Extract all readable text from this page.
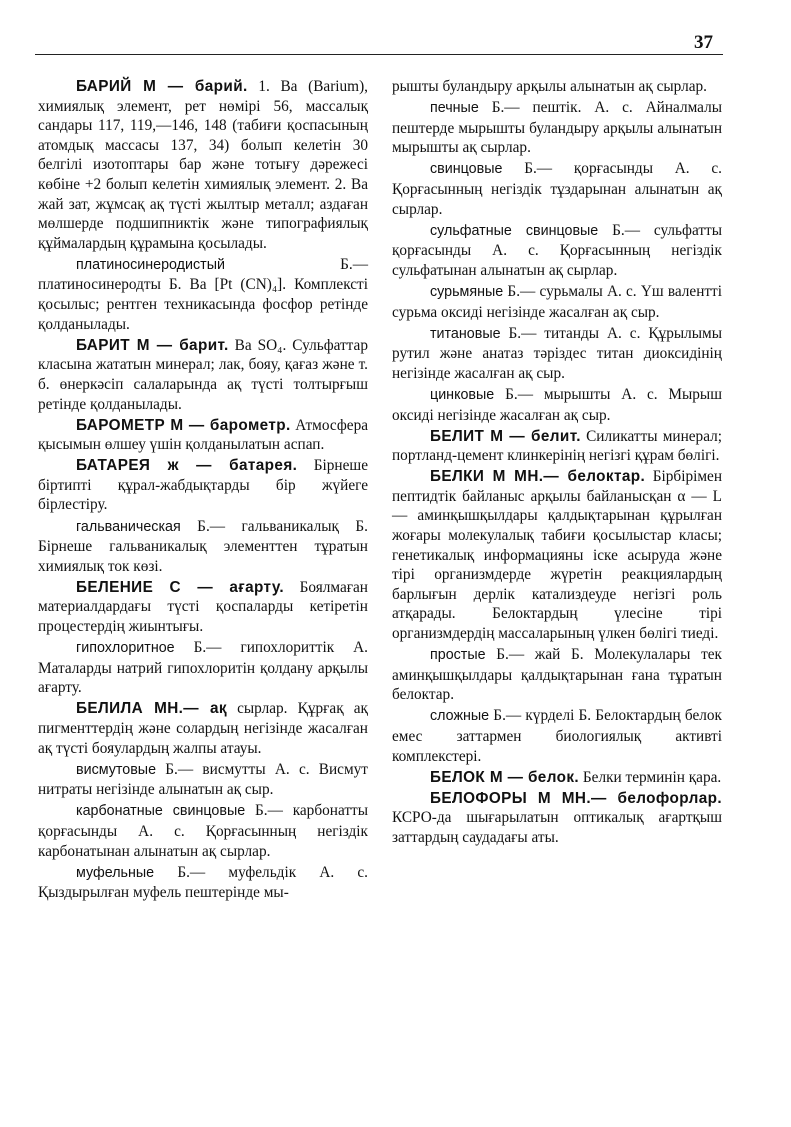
37

БАРИЙ М — барий. 1. Ba (Barium), химиялық элемент, рет нөмірі 56, массалық сандары 117, 119,—146, 148 (табиғи қоспасының атомдық массасы 137, 34) болып келетін 30 белгілі изотоптары бар және тотығу дәрежесі көбіне +2 болып келетін химиялық элемент. 2. Ba жай зат, жұмсақ ақ түсті жылтыр металл; аздаған мөлшерде подшипниктік және типографиялық құймалардың құрамына қосылады.

платиносинеродистый Б.— платиносинеродты Б. Ba [Pt (CN)₄]. Комплексті қосылыс; рентген техникасында фосфор ретінде қолданылады.

БАРИТ М — барит. Ba SO₄. Сульфаттар класына жататын минерал; лак, бояу, қағаз және т. б. өнеркәсіп салаларында ақ түсті толтырғыш ретінде қолданылады.

БАРОМЕТР М — барометр. Атмосфера қысымын өлшеу үшін қолданылатын аспап.

БАТАРЕЯ ж — батарея. Бірнеше біртипті құрал-жабдықтарды бір жүйеге бірлестіру.

гальваническая Б.— гальваникалық Б. Бірнеше гальваникалық элементтен тұратын химиялық ток көзі.

БЕЛЕНИЕ С — ағарту. Боялмаған материалдардағы түсті қоспаларды кетіретін процестердің жиынтығы.

гипохлоритное Б.— гипохлориттік А. Маталарды натрий гипохлоритін қолдану арқылы ағарту.

БЕЛИЛА МН.— ақ сырлар. Құрғақ ақ пигменттердің және солардың негізінде жасалған ақ түсті бояулардың жалпы атауы.

висмутовые Б.— висмутты А. с. Висмут нитраты негізінде алынатын ақ сыр.

карбонатные свинцовые Б.— карбонатты қорғасынды А. с. Қорғасынның негіздік карбонатынан алынатын ақ сырлар.

муфельные Б.— муфельдік А. с. Қыздырылған муфель пештерінде мы-

рышты буландыру арқылы алынатын ақ сырлар.

печные Б.— пештік. А. с. Айналмалы пештерде мырышты буландыру арқылы алынатын мырышты ақ сырлар.

свинцовые Б.— қорғасынды А. с. Қорғасынның негіздік тұздарынан алынатын ақ сырлар.

сульфатные свинцовые Б.— сульфатты қорғасынды А. с. Қорғасынның негіздік сульфатынан алынатын ақ сырлар.

сурьмяные Б.— сурьмалы А. с. Үш валентті сурьма оксиді негізінде жасалған ақ сыр.

титановые Б.— титанды А. с. Құрылымы рутил және анатаз тәріздес титан диоксидінің негізінде жасалған ақ сыр.

цинковые Б.— мырышты А. с. Мырыш оксиді негізінде жасалған ақ сыр.

БЕЛИТ М — белит. Силикатты минерал; портланд-цемент клинкерінің негізгі құрам бөлігі.

БЕЛКИ М МН.— белоктар. Бірбірімен пептидтік байланыс арқылы байланысқан α — L — аминқышқылдары қалдықтарынан құрылған жоғары молекулалық табиғи қосылыстар класы; генетикалық информацияны іске асыруда және тірі организмдерде жүретін реакциялардың барлығын дерлік катализдеуде негізгі роль атқарады. Белоктардың үлесіне тірі организмдердің массаларының үлкен бөлігі тиеді.

простые Б.— жай Б. Молекулалары тек аминқышқылдары қалдықтарынан ғана тұратын белоктар.

сложные Б.— күрделі Б. Белоктардың белок емес заттармен биологиялық активті комплекстері.

БЕЛОК М — белок. Белки терминін қара.

БЕЛОФОРЫ М МН.— белофорлар. КСРО-да шығарылатын оптикалық ағартқыш заттардың саудадағы аты.
